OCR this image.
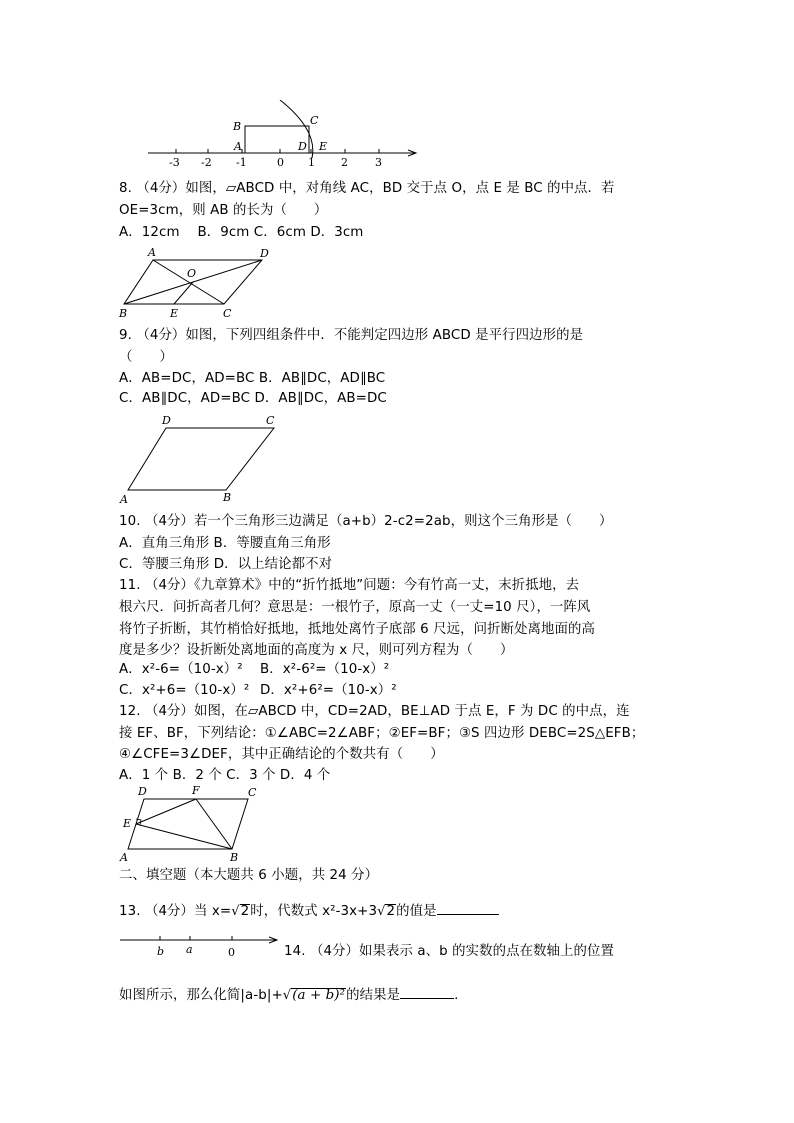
B
A	D
C
E
-3 -2 -1	0 1 2 3
8. （4分）如图，▱ABCD 中，对角线 AC，BD 交于点 O，点 E 是 BC 的中点．若
OE=3cm，则 AB 的长为（　　）
A．12cm　 B．9cm C．6cm D．3cm
A	D
O
B	E	C
9. （4分）如图，下列四组条件中．不能判定四边形 ABCD 是平行四边形的是
（　　）
A．AB=DC，AD=BC B．AB∥DC，AD∥BC
C．AB∥DC，AD=BC D．AB∥DC，AB=DC
D	C
A	B
10. （4分）若一个三角形三边满足（a+b）2-c2=2ab，则这个三角形是（　　）
A．直角三角形 B．等腰直角三角形
C．等腰三角形 D．以上结论都不对
11. （4分）《九章算术》中的“折竹抵地”问题：今有竹高一丈，末折抵地，去
根六尺．问折高者几何？意思是：一根竹子，原高一丈（一丈=10 尺），一阵风
将竹子折断，其竹梢恰好抵地，抵地处离竹子底部 6 尺远，问折断处离地面的高
度是多少？设折断处离地面的高度为 x 尺，则可列方程为（　　）
A．x²-6=（10-x）² B．x²-6²=（10-x）²
C．x²+6=（10-x）² D．x²+6²=（10-x）²
12. （4分）如图，在▱ABCD 中，CD=2AD，BE⊥AD 于点 E，F 为 DC 的中点，连
接 EF、BF，下列结论：①∠ABC=2∠ABF；②EF=BF；③S 四边形 DEBC=2S△EFB；
④∠CFE=3∠DEF，其中正确结论的个数共有（　　）
A．1 个 B．2 个 C．3 个 D．4 个
D	F	C
E
A	B
二、填空题（本大题共 6 小题，共 24 分）
13. （4分）当 x=√2时，代数式 x²-3x+3√2的值是
b a	0	14. （4分）如果表示 a、b 的实数的点在数轴上的位置
如图所示，那么化简|a-b|+√(a + b)²的结果是	.
